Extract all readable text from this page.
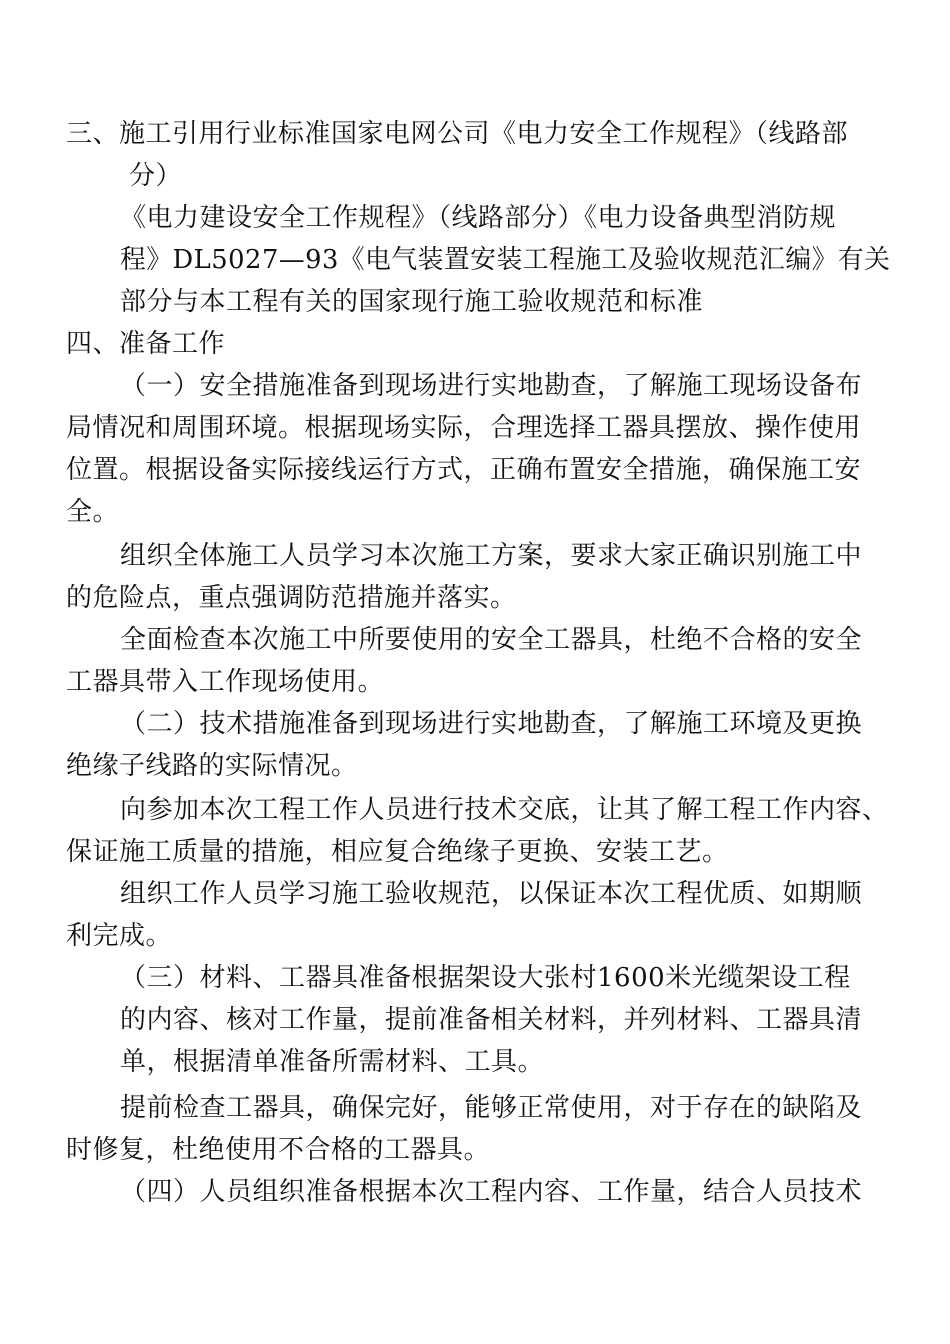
三、施工引用行业标准国家电网公司《电力安全工作规程》（线路部
分）
《电力建设安全工作规程》（线路部分）《电力设备典型消防规
程》DL5027—93《电气装置安装工程施工及验收规范汇编》有关
部分与本工程有关的国家现行施工验收规范和标准
四、准备工作
（一）安全措施准备到现场进行实地勘查，了解施工现场设备布
局情况和周围环境。根据现场实际，合理选择工器具摆放、操作使用
位置。根据设备实际接线运行方式，正确布置安全措施，确保施工安
全。
组织全体施工人员学习本次施工方案，要求大家正确识别施工中
的危险点，重点强调防范措施并落实。
全面检查本次施工中所要使用的安全工器具，杜绝不合格的安全
工器具带入工作现场使用。
（二）技术措施准备到现场进行实地勘查，了解施工环境及更换
绝缘子线路的实际情况。
向参加本次工程工作人员进行技术交底，让其了解工程工作内容、
保证施工质量的措施，相应复合绝缘子更换、安装工艺。
组织工作人员学习施工验收规范，以保证本次工程优质、如期顺
利完成。
（三）材料、工器具准备根据架设大张村1600米光缆架设工程
的内容、核对工作量，提前准备相关材料，并列材料、工器具清
单，根据清单准备所需材料、工具。
提前检查工器具，确保完好，能够正常使用，对于存在的缺陷及
时修复，杜绝使用不合格的工器具。
（四）人员组织准备根据本次工程内容、工作量，结合人员技术
